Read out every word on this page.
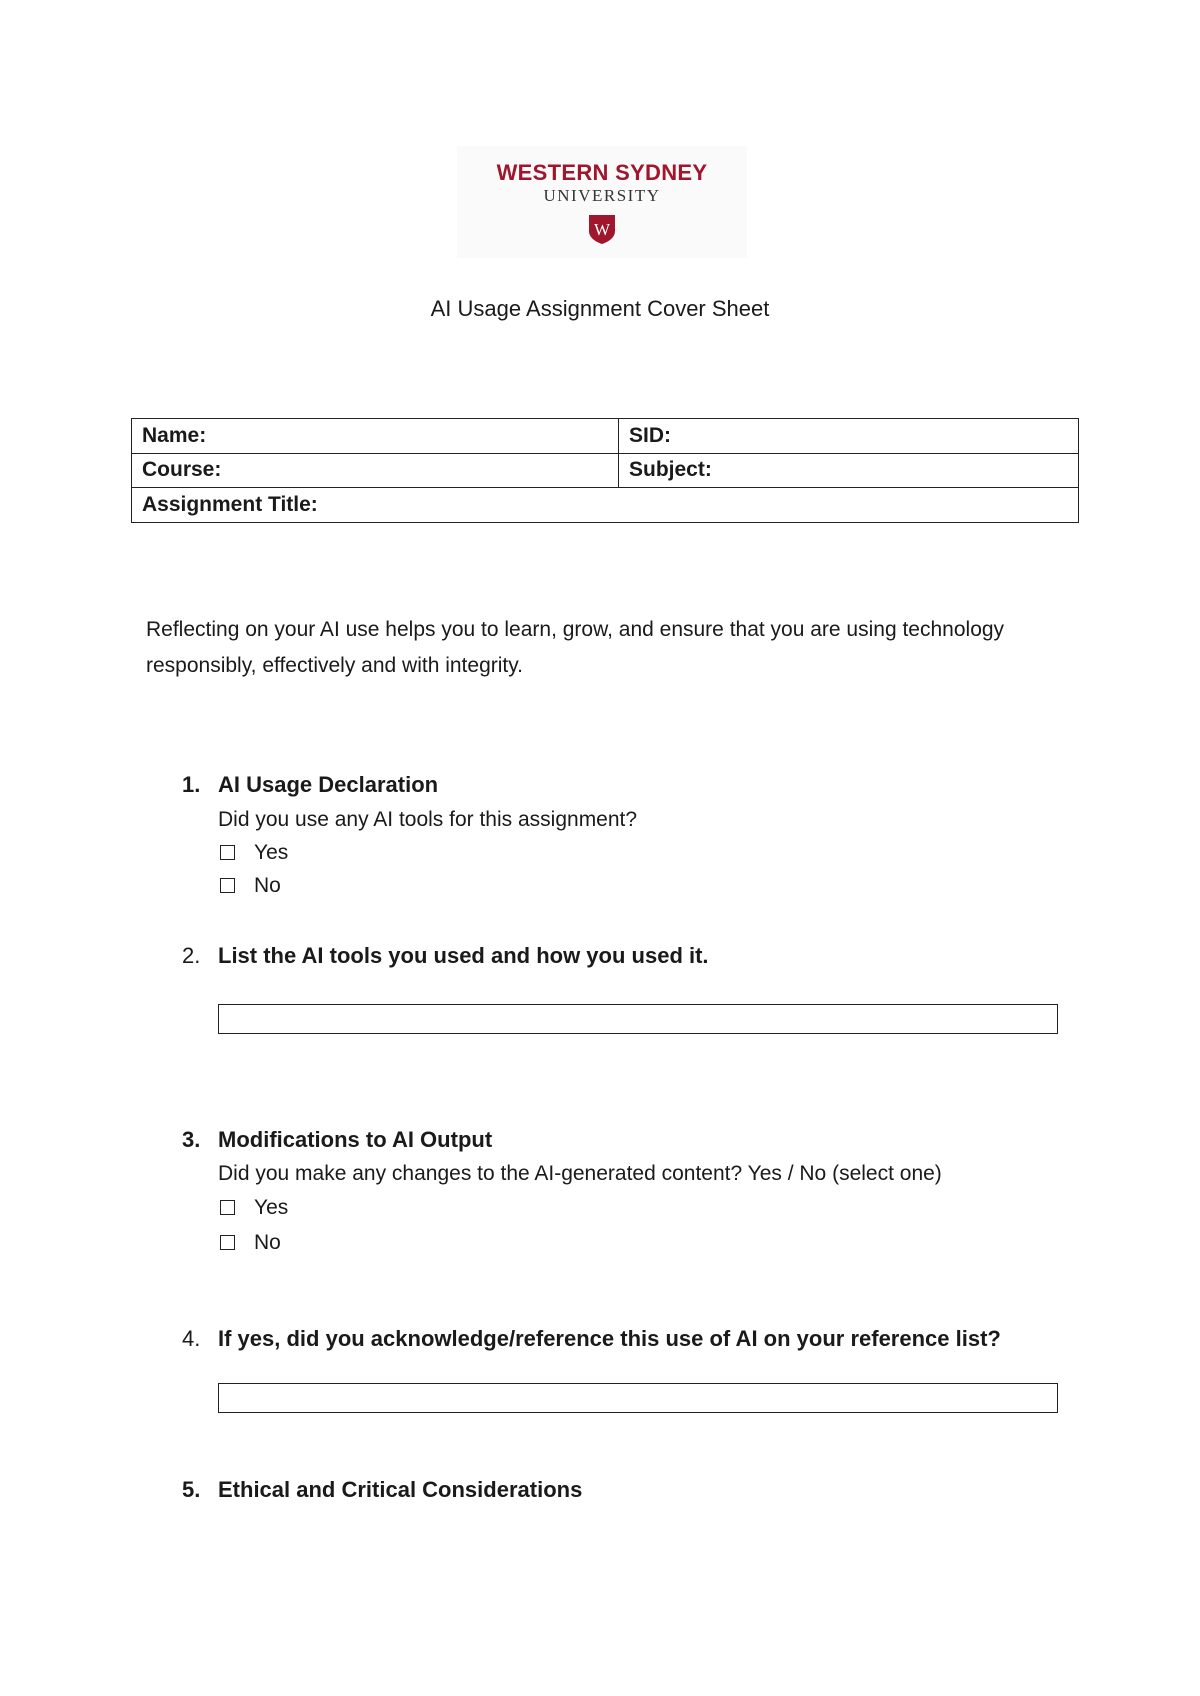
WESTERN SYDNEY
UNIVERSITY
W
AI Usage Assignment Cover Sheet
Name:	SID:
Course:	Subject:
Assignment Title:	
Reflecting on your AI use helps you to learn, grow, and ensure that you are using technology responsibly, effectively and with integrity.
1. AI Usage Declaration
Did you use any AI tools for this assignment?
Yes
No
2. List the AI tools you used and how you used it.
3. Modifications to AI Output
Did you make any changes to the AI-generated content? Yes / No (select one)
Yes
No
4. If yes, did you acknowledge/reference this use of AI on your reference list?
5. Ethical and Critical Considerations
